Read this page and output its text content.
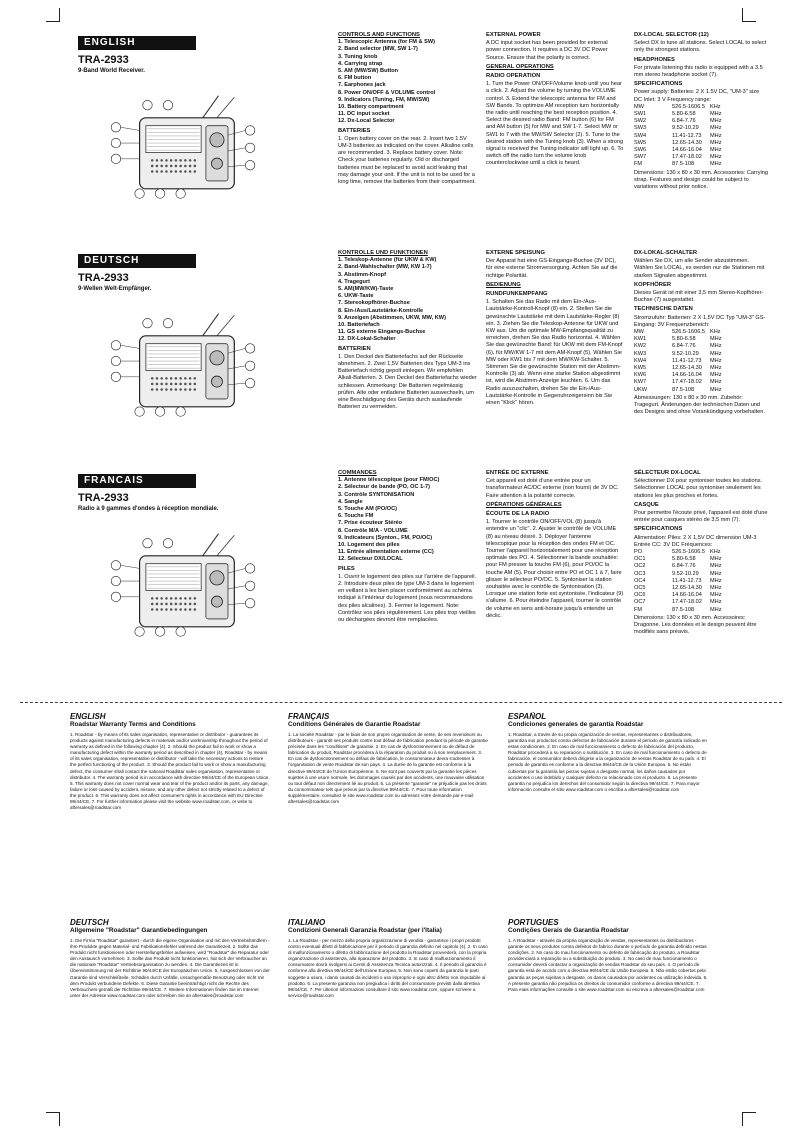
ENGLISH
TRA-2933
9-Band World Receiver.
CONTROLS AND FUNCTIONS
1. Telescopic Antenna (for FM & SW)
2. Band selector (MW, SW 1-7)
3. Tuning knob
4. Carrying strap
5. AM (MW/SW) Button
6. FM button
7. Earphones jack
8. Power ON/OFF & VOLUME control
9. Indicators (Tuning, FM, MW/SW)
10. Battery compartment
11. DC input socket
12. Dx-Local Selector
BATTERIES

1. Open battery cover on the rear. 2. Insert two 1.5V UM-3 batteries as indicated on the cover. Alkaline cells are recommended. 3. Replace battery cover. Note: Check your batteries regularly. Old or discharged batteries must be replaced to avoid acid leaking that may damage your unit. If the unit is not to be used for a long time, remove the batteries from their compartment.

EXTERNAL POWER

A DC input socket has been provided for external power connection. It requires a DC 3V DC Power Source. Ensure that the polarity is correct.

GENERAL OPERATIONS
RADIO OPERATION

1. Turn the Power ON/OFF/Volume knob until you hear a click. 2. Adjust the volume by turning the VOLUME control. 3. Extend the telescopic antenna for FM and SW Bands. To optimize AM reception turn horizontally the radio until reaching the best reception position. 4. Select the desired radio Band: FM button (6) for FM and AM button (5) for MW and SW 1-7. Select MW or SW1 to 7 with the MW/SW Selector (2). 5. Tune to the desired station with the Tuning knob (3). When a strong signal is received the Tuning indicator will light up. 6. To switch off the radio turn the volume knob counterclockwise until a click is heard.

DX-LOCAL SELECTOR (12)

Select DX to tune all stations. Select LOCAL to select only the strongest stations.

HEADPHONES

For private listening this radio is equipped with a 3.5 mm stereo headphone socket (7).

SPECIFICATIONS

Power supply: Batteries: 2 X 1.5V DC, "UM-3" size DC Inlet: 3 V Frequency range:

MW	526.5-1606.5 KHz
SW1	5.80-6.58	MHz
SW2	6.84-7.76	MHz
SW3	9.52-10.29	MHz
SW4	11.41-12.73	MHz
SW5	12.65-14.30	MHz
SW6	14.66-16.04	MHz
SW7	17.47-18.02	MHz
FM	87.5-108	MHz

Dimensions: 130 x 80 x 30 mm. Accessories: Carrying strap. Features and design could be subject to variations without prior notice.

DEUTSCH
TRA-2933
9-Wellen Welt-Empfänger.
KONTROLLE UND FUNKTIONEN
1. Teleskop-Antenne (für UKW & KW)
2. Band-Wahlschalter (MW, KW 1-7)
3. Abstimm-Knopf
4. Tragegurt
5. AM(MW/KW)-Taste
6. UKW-Taste
7. Stereokopfhörer-Buchse
8. Ein-/Aus/Lautstärke-Kontrolle
9. Anzeigen (Abstimmen, UKW, MW, KW)
10. Batteriefach
11. GS externe Eingangs-Buchse
12. DX-Lokal-Schalter
BATTERIEN

1. Den Deckel des Batteriefachs auf der Rückseite abnehmen. 2. Zwei 1,5V Batterien des Typs UM-3 ins Batteriefach richtig gepolt einlegen. Wir empfehlen Alkali-Batterien. 3. Den Deckel des Batteriefachs wieder schliessen. Anmerkung: Die Batterien regelmässig prüfen. Alte oder entladene Batterien auswechseln, um eine Beschädigung des Geräts durch auslaufende Batterien zu vermeiden.

EXTERNE SPEISUNG

Der Apparat hat eine GS-Eingangs-Buchse (3V DC), für eine externe Stromversorgung. Achten Sie auf die richtige Polarität.

BEDIENUNG
RUNDFUNKEMPFANG

1. Schalten Sie das Radio mit dem Ein-/Aus-Lautstärke-Kontroll-Knopf (8) ein. 2. Stellen Sie die gewünschte Lautstärke mit dem Lautstärke-Regler (8) ein. 3. Ziehen Sie die Teleskop-Antenne für UKW und KW aus. Um die optimale MW-Empfangsqualität zu erreichen, drehen Sie das Radio horizontal. 4. Wählen Sie das gewünschte Band: für UKW mit dem FM-Knopf (6), für MW/KW 1-7 mit dem AM-Knopf (5). Wählen Sie MW oder KW1 bis 7 mit dem MW/KW-Schalter. 5. Stimmen Sie die gewünschte Station mit der Abstimm-Kontrolle (3) ab. Wenn eine starke Station abgestimmt ist, wird die Abstimm-Anzeige leuchten. 6. Um das Radio auszuschalten, drehen Sie die Ein-/Aus-Lautstärke-Kontrolle in Gegenuhrzeigersinn bis Sie einen "Klick" hören.

DX-LOKAL-SCHALTER

Wählen Sie DX, um alle Sender abzustimmen. Wählen Sie LOCAL, es werden nur die Stationen mit starken Signalen abgestimmt.

KOPFHÖRER

Dieses Gerät ist mit einer 3,5 mm Stereo-Kopfhörer-Buchse (7) ausgestattet.

TECHNISCHE DATEN

Stromzufuhr: Batterien: 2 X 1,5V DC Typ "UM-3" GS-Eingang: 3V Frequenzbereich:

MW	526.5-1606.5 KHz
KW1	5.80-6.58	MHz
KW2	6.84-7.76	MHz
KW3	9.52-10.29	MHz
KW4	11.41-12.73	MHz
KW5	12.65-14.30	MHz
KW6	14.66-16.04	MHz
KW7	17.47-18.02	MHz
UKW	87.5-108	MHz

Abmessungen: 130 x 80 x 30 mm. Zubehör: Tragegurt. Änderungen der technischen Daten und des Designs sind ohne Vorankündigung vorbehalten.

FRANCAIS
TRA-2933
Radio à 9 gammes d'ondes à réception mondiale.
COMMANDES
1. Antenne télescopique (pour FM/OC)
2. Sélecteur de bande (PO, OC 1-7)
3. Contrôle SYNTONISATION
4. Sangle
5. Touche AM (PO/OC)
6. Touche FM
7. Prise écouteur Stéréo
8. Contrôle M/A - VOLUME
9. Indicateurs (Synton., FM, PO/OC)
10. Logement des piles
11. Entrée alimentation externe (CC)
12. Sélecteur DX/LOCAL
PILES

1. Ouvrir le logement des piles sur l'arrière de l'appareil. 2. Introduire deux piles de type UM-3 dans le logement en veillant à les bien placer conformément au schéma indiqué à l'intérieur du logement (nous recommandons des piles alcalines). 3. Fermer le logement. Note: Contrôlez vos piles régulièrement. Les piles trop vieilles ou déchargées devront être remplacées.

ENTRÉE DC EXTERNE

Cet appareil est doté d'une entrée pour un transformateur AC/DC externe (non fourni) de 3V DC. Faire attention à la polarité correcte.

OPÉRATIONS GÉNÉRALES
ÉCOUTE DE LA RADIO

1. Tourner le contrôle ON/OFF/VOL (8) jusqu'à entendre un "clic". 2. Ajuster le contrôle de VOLUME (8) au niveau désiré. 3. Déployer l'antenne télescopique pour la réception des ondes FM et OC. Tourner l'appareil horizontalement pour une réception optimale des PO. 4. Sélectionner la bande souhaitée: pour FM presser la touche FM (6), pour PO/OC la touche AM (5). Pour choisir entre PO et OC 1 à 7, faire glisser le sélecteur PO/OC. 5. Syntoniser la station souhaitée avec le contrôle de Syntonisation (3). Lorsque une station forte est syntonisée, l'indicateur (9) s'allume. 6. Pour éteindre l'appareil, tourner le contrôle de volume en sens anti-horaire jusqu'à entendre un déclic.

SÉLECTEUR DX-LOCAL

Sélectionner DX pour syntoniser toutes les stations. Sélectionner LOCAL pour syntoniser seulement les stations les plus proches et fortes.

CASQUE

Pour permettre l'écoute privé, l'appareil est doté d'une entrée pour casques stéréo de 3,5 mm (7).

SPECIFICATIONS

Alimentation: Piles: 2 X 1,5V DC dimension UM-3 Entrée CC: 3V DC Fréquences:

PO	526.5-1606.5 KHz
OC1	5.80-6.58	MHz
OC2	6.84-7.76	MHz
OC3	9.52-10.29	MHz
OC4	11.41-12.73	MHz
OC5	12.65-14.30	MHz
OC6	14.66-16.04	MHz
OC7	17.47-18.02	MHz
FM	87.5-108	MHz

Dimensions: 130 x 80 x 30 mm. Accessoires: Dragonne. Les données et le design peuvent être modifiés sans préavis.

ENGLISH
Roadstar Warranty Terms and Conditions

1. Roadstar - by means of its sales organisation, representative or distributor - guarantees its products against manufacturing defects in materials and/or workmanship throughout the period of warranty as defined in the following chapter (4). 2. Should the product fail to work or show a manufacturing defect within the warranty period as described in chapter (4), Roadstar - by means of its sales organisation, representative or distributor - will take the necessary actions to restore the perfect functioning of the product. 3. Should the product fail to work or show a manufacturing defect, the consumer shall contact the national Roadstar sales organisation, representative or distributor. 4. The warranty period is in accordance with directive 99/44/CE of the European Union. 5. This warranty does not cover normal wear and tear of the product and/or its parts, any damage, failure or loss caused by accident, misuse, and any other defect not strictly related to a defect of the product. 6. This warranty does not affect consumer's rights in accordance with EU Directive 99/44/CE. 7. For further information please visit the website www.roadstar.com, or write to aftersales@roadstar.com

FRANÇAIS
Conditions Générales de Garantie Roadstar

1. La société Roadstar - par le biais de son propre organisation de vente, de ses revendeurs ou distributeurs - garantit ses produits contre tout défaut de fabrication pendant la période de garantie précisée dans les "conditions" de garantie. 2. En cas de dysfonctionnement ou de défaut de fabrication du produit, Roadstar procédera à la réparation du produit ou à son remplacement. 3. En cas de dysfonctionnement ou défaut de fabrication, le consommateur devra s'adresser à l'organisation de vente Roadstar de son pays. 4. La durée de la garantie est conforme à la directive 99/44/CE de l'Union Européenne. 5. Ne sont pas couverts par la garantie les pièces sujettes à une usure normale, les dommages causés par des accidents, une mauvaise utilisation ou tout défaut non directement lié au produit. 6. La présente "garantie" ne préjudicie pas les droits du consommateur tels que prévus par la directive 99/44/CE. 7. Pour toute information supplémentaire, consultez le site www.roadstar.com ou adressez votre demande par e-mail aftersales@roadstar.com

ESPAÑOL
Condiciones generales de garantía Roadstar

1. Roadstar, a través de su propia organización de ventas, representantes o distribuidores, garantiza sus productos contra defectos de fabricación durante el periodo de garantía indicado en estas condiciones. 2. En caso de mal funcionamiento o defecto de fabricación del producto, Roadstar procederá a su reparación o sustitución. 3. En caso de mal funcionamiento o defecto de fabricación, el consumidor deberá dirigirse a la organización de ventas Roadstar de su país. 4. El periodo de garantía es conforme a la directiva 99/44/CE de la Unión Europea. 5. No están cubiertas por la garantía las piezas sujetas a desgaste normal, los daños causados por accidentes o uso indebido y cualquier defecto no relacionado con el producto. 6. La presente garantía no perjudica los derechos del consumidor según la directiva 99/44/CE. 7. Para mayor información consulte el sitio www.roadstar.com o escriba a aftersales@roadstar.com

DEUTSCH
Allgemeine "Roadstar" Garantiebedingungen

1. Die Firma "Roadstar" garantiert - durch die eigene Organisation und mit den Vertriebshändlern - ihre Produkte gegen Material- und Fabrikationsfehler während der Garantiezeit. 2. Sollte das Produkt nicht funktionieren oder Herstellungsfehler aufweisen, wird "Roadstar" die Reparatur oder den Austausch vornehmen. 3. Sollte das Produkt nicht funktionieren, hat sich der Verbraucher an die nationale "Roadstar" Vertriebsorganisation zu wenden. 4. Die Garantiezeit ist in Übereinstimmung mit der Richtlinie 99/44/CE der Europäischen Union. 5. Ausgeschlossen von der Garantie sind Verschleißteile, Schäden durch Unfälle, unsachgemäße Benutzung oder nicht mit dem Produkt verbundene Defekte. 6. Diese Garantie beeinträchtigt nicht die Rechte des Verbrauchers gemäß der Richtlinie 99/44/CE. 7. Weitere Informationen finden Sie im Internet unter der Adresse www.roadstar.com oder schreiben Sie an aftersales@roadstar.com

ITALIANO
Condizioni Generali Garanzia Roadstar (per l'Italia)

1. La Roadstar - per mezzo della propria organizzazione di vendita - garantisce i propri prodotti contro eventuali difetti di fabbricazione per il periodo di garanzia definito nel capitolo (4). 2. In caso di malfunzionamento o difetto di fabbricazione del prodotto la Roadstar provvederà, con la propria organizzazione di assistenza, alla riparazione del prodotto. 3. In caso di malfunzionamento il consumatore dovrà rivolgersi ai Centri di Assistenza Tecnica autorizzati. 4. Il periodo di garanzia è conforme alla direttiva 99/44/CE dell'Unione Europea. 5. Non sono coperti da garanzia le parti soggette a usura, i danni causati da incidenti o uso improprio e ogni altro difetto non imputabile al prodotto. 6. La presente garanzia non pregiudica i diritti del consumatore previsti dalla direttiva 99/44/CE. 7. Per ulteriori informazioni consultare il sito www.roadstar.com, oppure scrivere a service@roadstar.com

PORTUGUES
Condições Gerais de Garantia Roadstar

1. A Roadstar - através da própria organização de vendas, representantes ou distribuidores - garante os seus produtos contra defeitos de fabrico durante o período de garantia definido nestas condições. 2. No caso do mau funcionamento ou defeito de fabricação do produto, a Roadstar providenciará a reparação ou a substituição do produto. 3. No caso de mau funcionamento o consumidor deverá contactar a organização de vendas Roadstar do seu país. 4. O período de garantia está de acordo com a directiva 99/44/CE da União Europeia. 5. Não estão cobertos pela garantia as peças sujeitas a desgaste, os danos causados por acidentes ou utilização indevida. 6. A presente garantia não prejudica os direitos do consumidor conforme a directiva 99/44/CE. 7. Para mais informações consulte o site www.roadstar.com ou escreva a aftersales@roadstar.com
